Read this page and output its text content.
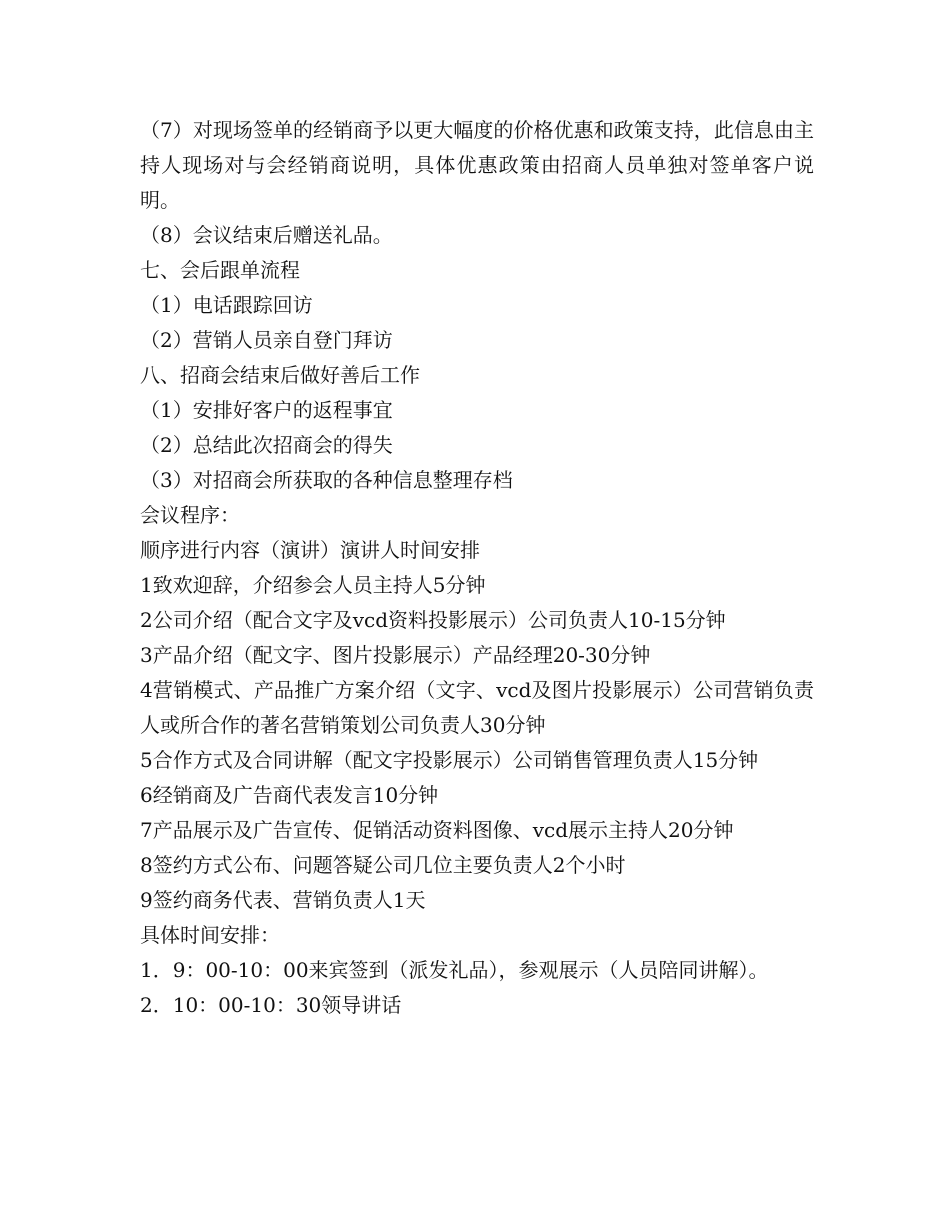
（7）对现场签单的经销商予以更大幅度的价格优惠和政策支持，此信息由主持人现场对与会经销商说明，具体优惠政策由招商人员单独对签单客户说明。

（8）会议结束后赠送礼品。

七、会后跟单流程

（1）电话跟踪回访

（2）营销人员亲自登门拜访

八、招商会结束后做好善后工作

（1）安排好客户的返程事宜

（2）总结此次招商会的得失

（3）对招商会所获取的各种信息整理存档

会议程序：

顺序进行内容（演讲）演讲人时间安排

1致欢迎辞，介绍参会人员主持人5分钟

2公司介绍（配合文字及vcd资料投影展示）公司负责人10-15分钟

3产品介绍（配文字、图片投影展示）产品经理20-30分钟

4营销模式、产品推广方案介绍（文字、vcd及图片投影展示）公司营销负责人或所合作的著名营销策划公司负责人30分钟

5合作方式及合同讲解（配文字投影展示）公司销售管理负责人15分钟

6经销商及广告商代表发言10分钟

7产品展示及广告宣传、促销活动资料图像、vcd展示主持人20分钟

8签约方式公布、问题答疑公司几位主要负责人2个小时

9签约商务代表、营销负责人1天

具体时间安排：

1．9：00-10：00来宾签到（派发礼品），参观展示（人员陪同讲解）。

2．10：00-10：30领导讲话
